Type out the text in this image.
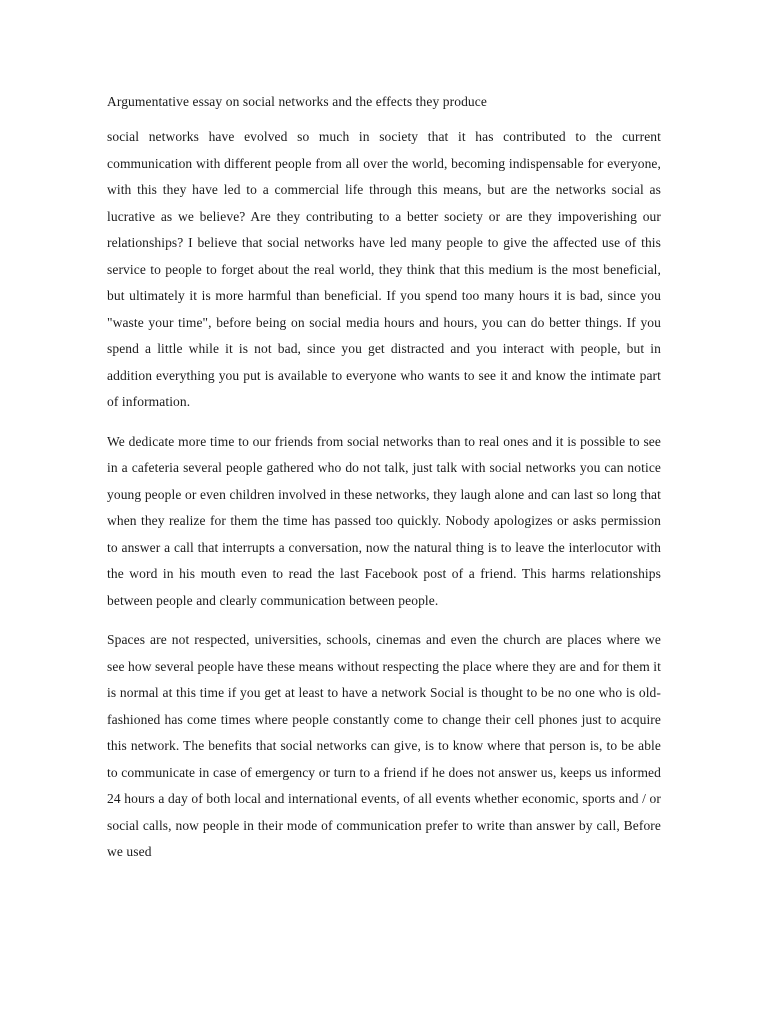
Argumentative essay on social networks and the effects they produce

social networks have evolved so much in society that it has contributed to the current communication with different people from all over the world, becoming indispensable for everyone, with this they have led to a commercial life through this means, but are the networks social as lucrative as we believe? Are they contributing to a better society or are they impoverishing our relationships? I believe that social networks have led many people to give the affected use of this service to people to forget about the real world, they think that this medium is the most beneficial, but ultimately it is more harmful than beneficial. If you spend too many hours it is bad, since you "waste your time", before being on social media hours and hours, you can do better things. If you spend a little while it is not bad, since you get distracted and you interact with people, but in addition everything you put is available to everyone who wants to see it and know the intimate part of information.

We dedicate more time to our friends from social networks than to real ones and it is possible to see in a cafeteria several people gathered who do not talk, just talk with social networks you can notice young people or even children involved in these networks, they laugh alone and can last so long that when they realize for them the time has passed too quickly. Nobody apologizes or asks permission to answer a call that interrupts a conversation, now the natural thing is to leave the interlocutor with the word in his mouth even to read the last Facebook post of a friend. This harms relationships between people and clearly communication between people.

Spaces are not respected, universities, schools, cinemas and even the church are places where we see how several people have these means without respecting the place where they are and for them it is normal at this time if you get at least to have a network Social is thought to be no one who is old-fashioned has come times where people constantly come to change their cell phones just to acquire this network. The benefits that social networks can give, is to know where that person is, to be able to communicate in case of emergency or turn to a friend if he does not answer us, keeps us informed 24 hours a day of both local and international events, of all events whether economic, sports and / or social calls, now people in their mode of communication prefer to write than answer by call, Before we used
